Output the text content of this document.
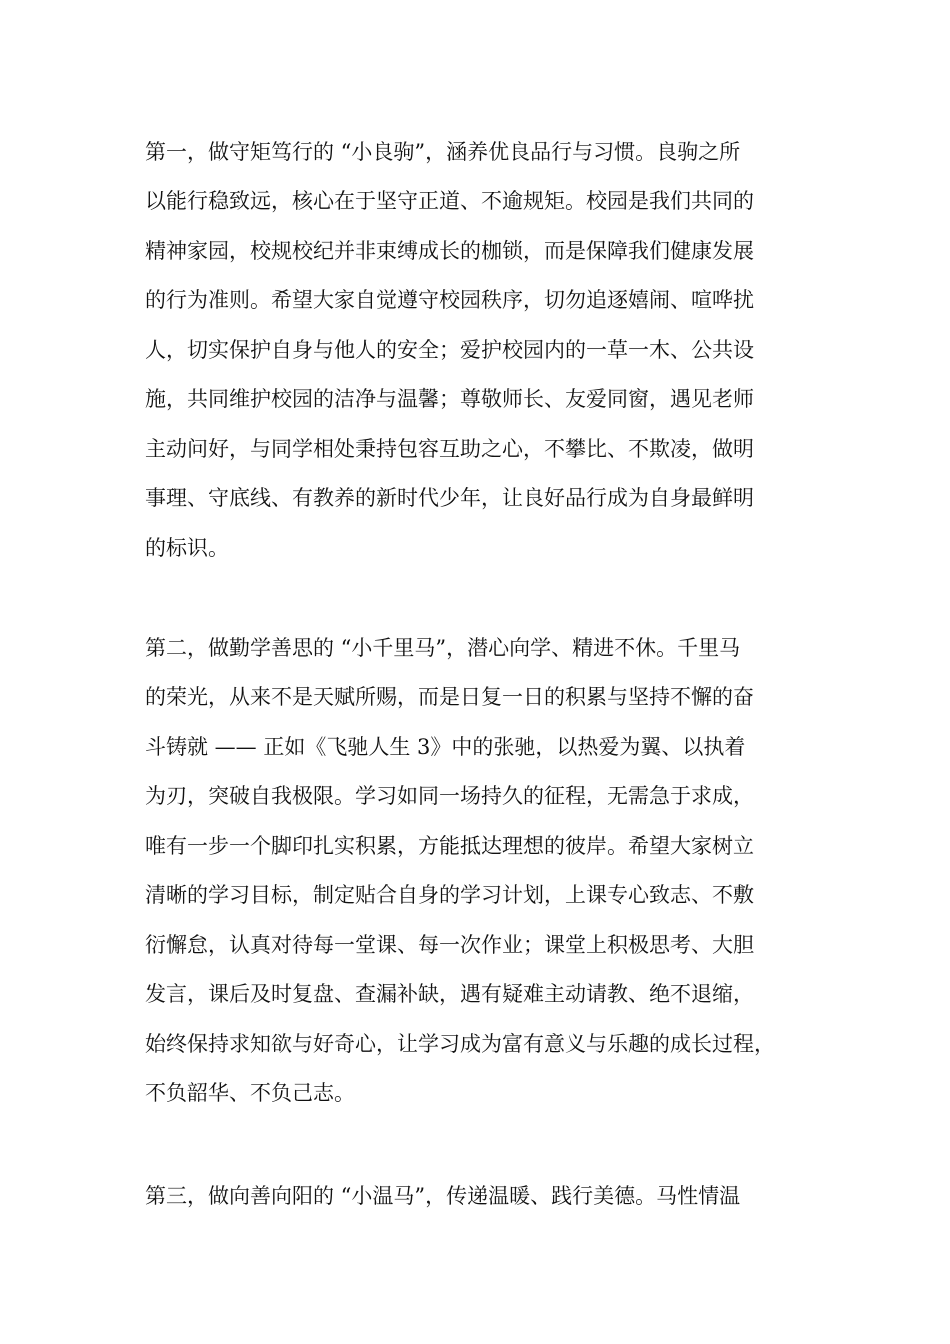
第一，做守矩笃行的 “小良驹”，涵养优良品行与习惯。良驹之所
以能行稳致远，核心在于坚守正道、不逾规矩。校园是我们共同的
精神家园，校规校纪并非束缚成长的枷锁，而是保障我们健康发展
的行为准则。希望大家自觉遵守校园秩序，切勿追逐嬉闹、喧哗扰
人，切实保护自身与他人的安全；爱护校园内的一草一木、公共设
施，共同维护校园的洁净与温馨；尊敬师长、友爱同窗，遇见老师
主动问好，与同学相处秉持包容互助之心，不攀比、不欺凌，做明
事理、守底线、有教养的新时代少年，让良好品行成为自身最鲜明
的标识。
第二，做勤学善思的 “小千里马”，潜心向学、精进不休。千里马
的荣光，从来不是天赋所赐，而是日复一日的积累与坚持不懈的奋
斗铸就 —— 正如《飞驰人生 3》中的张驰，以热爱为翼、以执着
为刃，突破自我极限。学习如同一场持久的征程，无需急于求成，
唯有一步一个脚印扎实积累，方能抵达理想的彼岸。希望大家树立
清晰的学习目标，制定贴合自身的学习计划，上课专心致志、不敷
衍懈怠，认真对待每一堂课、每一次作业；课堂上积极思考、大胆
发言，课后及时复盘、查漏补缺，遇有疑难主动请教、绝不退缩，
始终保持求知欲与好奇心，让学习成为富有意义与乐趣的成长过程，
不负韶华、不负己志。
第三，做向善向阳的 “小温马”，传递温暖、践行美德。马性情温
